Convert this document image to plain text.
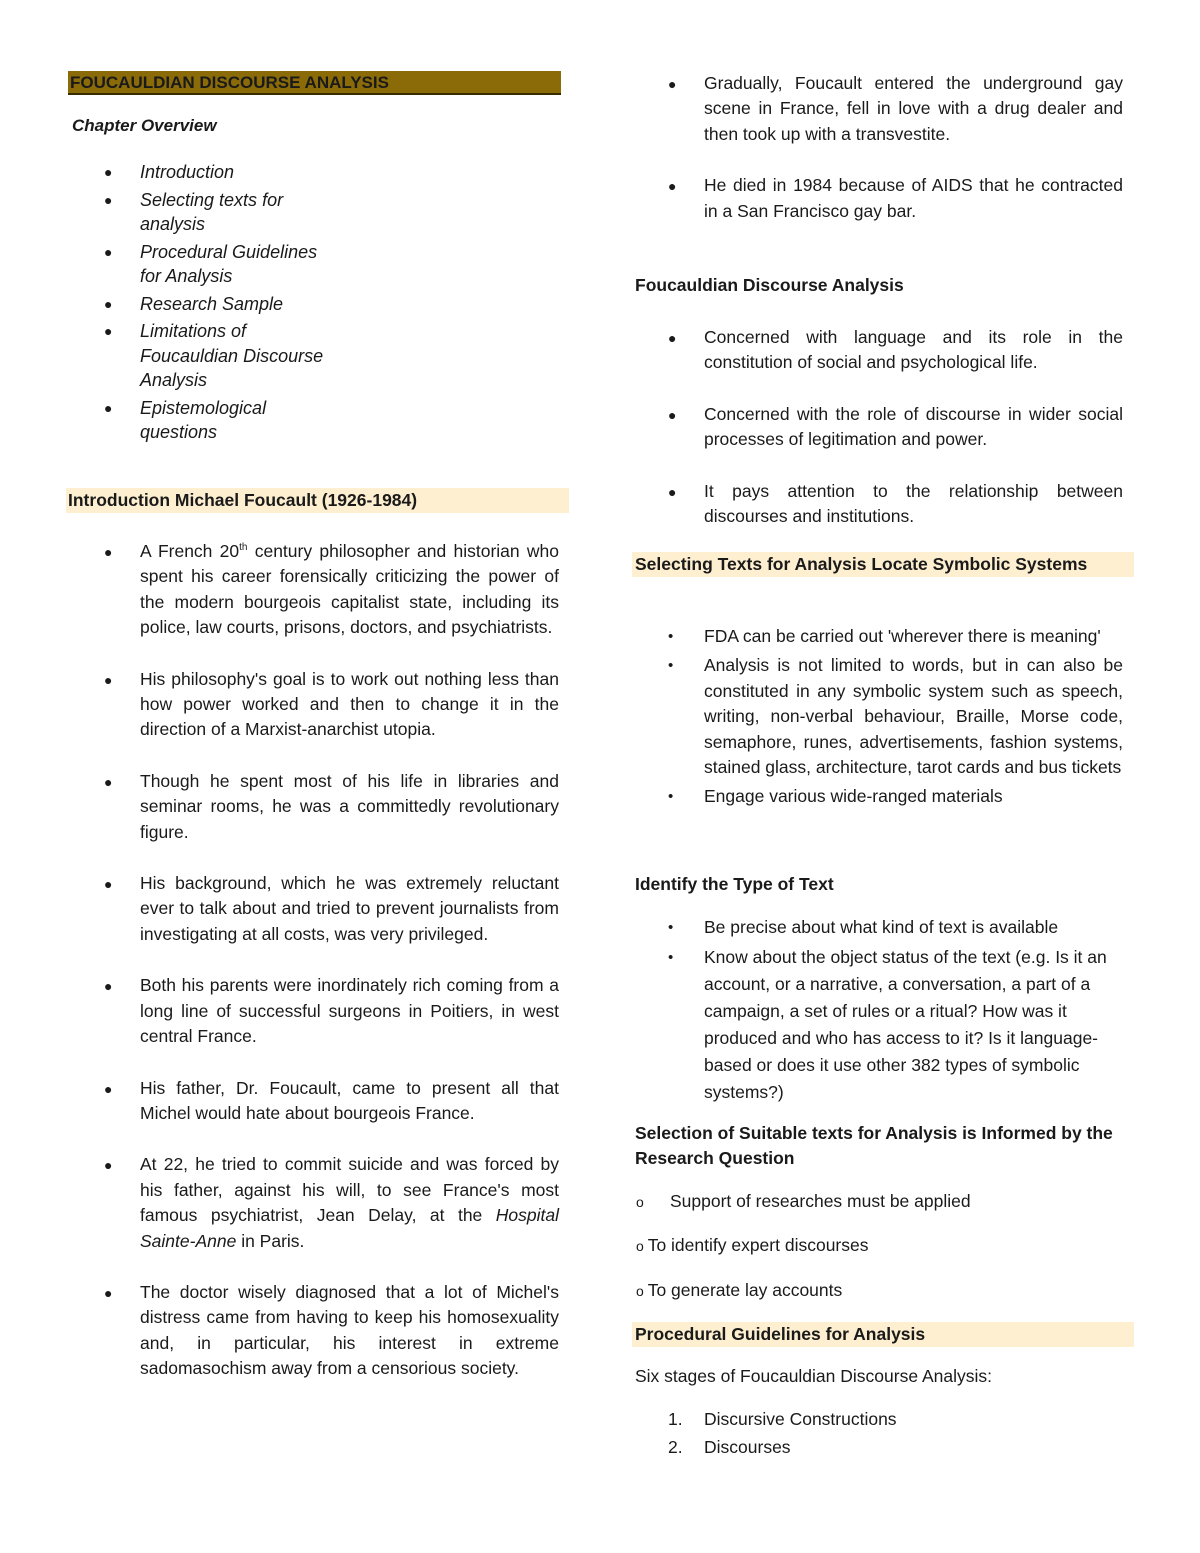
FOUCAULDIAN DISCOURSE ANALYSIS
Chapter Overview
● Introduction
● Selecting texts for analysis
● Procedural Guidelines for Analysis
● Research Sample
● Limitations of Foucauldian Discourse Analysis
● Epistemological questions
Introduction Michael Foucault (1926-1984)
● A French 20th century philosopher and historian who spent his career forensically criticizing the power of the modern bourgeois capitalist state, including its police, law courts, prisons, doctors, and psychiatrists.
● His philosophy's goal is to work out nothing less than how power worked and then to change it in the direction of a Marxist-anarchist utopia.
● Though he spent most of his life in libraries and seminar rooms, he was a committedly revolutionary figure.
● His background, which he was extremely reluctant ever to talk about and tried to prevent journalists from investigating at all costs, was very privileged.
● Both his parents were inordinately rich coming from a long line of successful surgeons in Poitiers, in west central France.
● His father, Dr. Foucault, came to present all that Michel would hate about bourgeois France.
● At 22, he tried to commit suicide and was forced by his father, against his will, to see France's most famous psychiatrist, Jean Delay, at the Hospital Sainte-Anne in Paris.
● The doctor wisely diagnosed that a lot of Michel's distress came from having to keep his homosexuality and, in particular, his interest in extreme sadomasochism away from a censorious society.
● Gradually, Foucault entered the underground gay scene in France, fell in love with a drug dealer and then took up with a transvestite.
● He died in 1984 because of AIDS that he contracted in a San Francisco gay bar.
Foucauldian Discourse Analysis
● Concerned with language and its role in the constitution of social and psychological life.
● Concerned with the role of discourse in wider social processes of legitimation and power.
● It pays attention to the relationship between discourses and institutions.
Selecting Texts for Analysis Locate Symbolic Systems
• FDA can be carried out 'wherever there is meaning'
• Analysis is not limited to words, but in can also be constituted in any symbolic system such as speech, writing, non-verbal behaviour, Braille, Morse code, semaphore, runes, advertisements, fashion systems, stained glass, architecture, tarot cards and bus tickets
• Engage various wide-ranged materials
Identify the Type of Text
• Be precise about what kind of text is available
• Know about the object status of the text (e.g. Is it an account, or a narrative, a conversation, a part of a campaign, a set of rules or a ritual? How was it produced and who has access to it? Is it language-based or does it use other 382 types of symbolic systems?)
Selection of Suitable texts for Analysis is Informed by the Research Question
o Support of researches must be applied
o To identify expert discourses
o To generate lay accounts
Procedural Guidelines for Analysis
Six stages of Foucauldian Discourse Analysis:
1. Discursive Constructions
2. Discourses
